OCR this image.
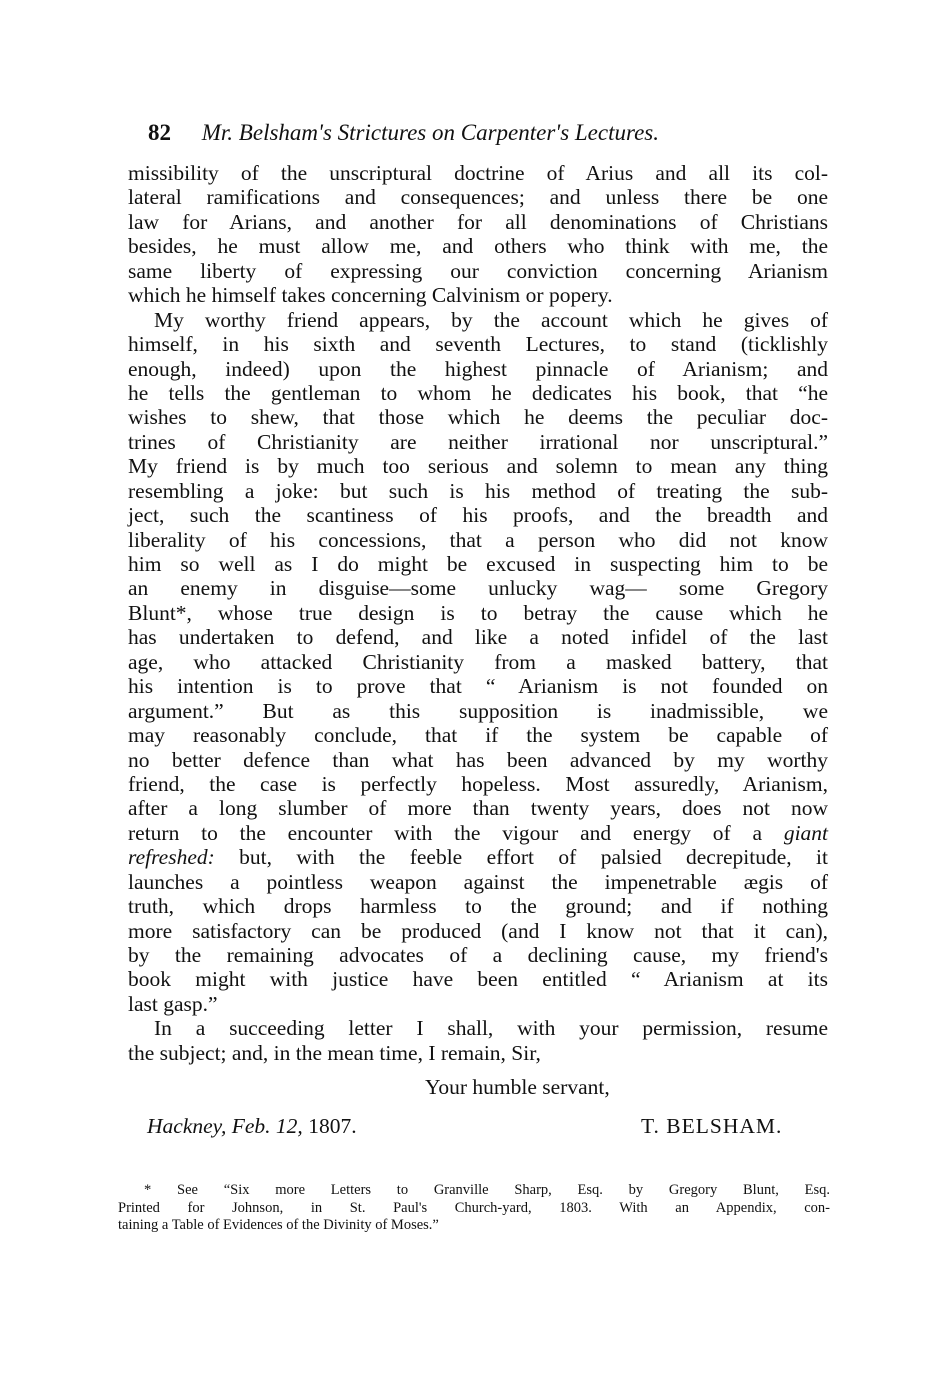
82 Mr. Belsham's Strictures on Carpenter's Lectures.
missibility of the unscriptural doctrine of Arius and all its col-
lateral ramifications and consequences; and unless there be one
law for Arians, and another for all denominations of Christians
besides, he must allow me, and others who think with me, the
same liberty of expressing our conviction concerning Arianism
which he himself takes concerning Calvinism or popery.
My worthy friend appears, by the account which he gives of
himself, in his sixth and seventh Lectures, to stand (ticklishly
enough, indeed) upon the highest pinnacle of Arianism; and
he tells the gentleman to whom he dedicates his book, that “he
wishes to shew, that those which he deems the peculiar doc-
trines of Christianity are neither irrational nor unscriptural.”
My friend is by much too serious and solemn to mean any thing
resembling a joke: but such is his method of treating the sub-
ject, such the scantiness of his proofs, and the breadth and
liberality of his concessions, that a person who did not know
him so well as I do might be excused in suspecting him to be
an enemy in disguise—some unlucky wag— some Gregory
Blunt*, whose true design is to betray the cause which he
has undertaken to defend, and like a noted infidel of the last
age, who attacked Christianity from a masked battery, that
his intention is to prove that “ Arianism is not founded on
argument.” But as this supposition is inadmissible, we
may reasonably conclude, that if the system be capable of
no better defence than what has been advanced by my worthy
friend, the case is perfectly hopeless. Most assuredly, Arianism,
after a long slumber of more than twenty years, does not now
return to the encounter with the vigour and energy of a giant
refreshed: but, with the feeble effort of palsied decrepitude, it
launches a pointless weapon against the impenetrable ægis of
truth, which drops harmless to the ground; and if nothing
more satisfactory can be produced (and I know not that it can),
by the remaining advocates of a declining cause, my friend's
book might with justice have been entitled “ Arianism at its
last gasp.”
In a succeeding letter I shall, with your permission, resume
the subject; and, in the mean time, I remain, Sir,
Your humble servant,
Hackney, Feb. 12, 1807.	T. BELSHAM.
* See “Six more Letters to Granville Sharp, Esq. by Gregory Blunt, Esq.
Printed for Johnson, in St. Paul's Church-yard, 1803. With an Appendix, con-
taining a Table of Evidences of the Divinity of Moses.”
